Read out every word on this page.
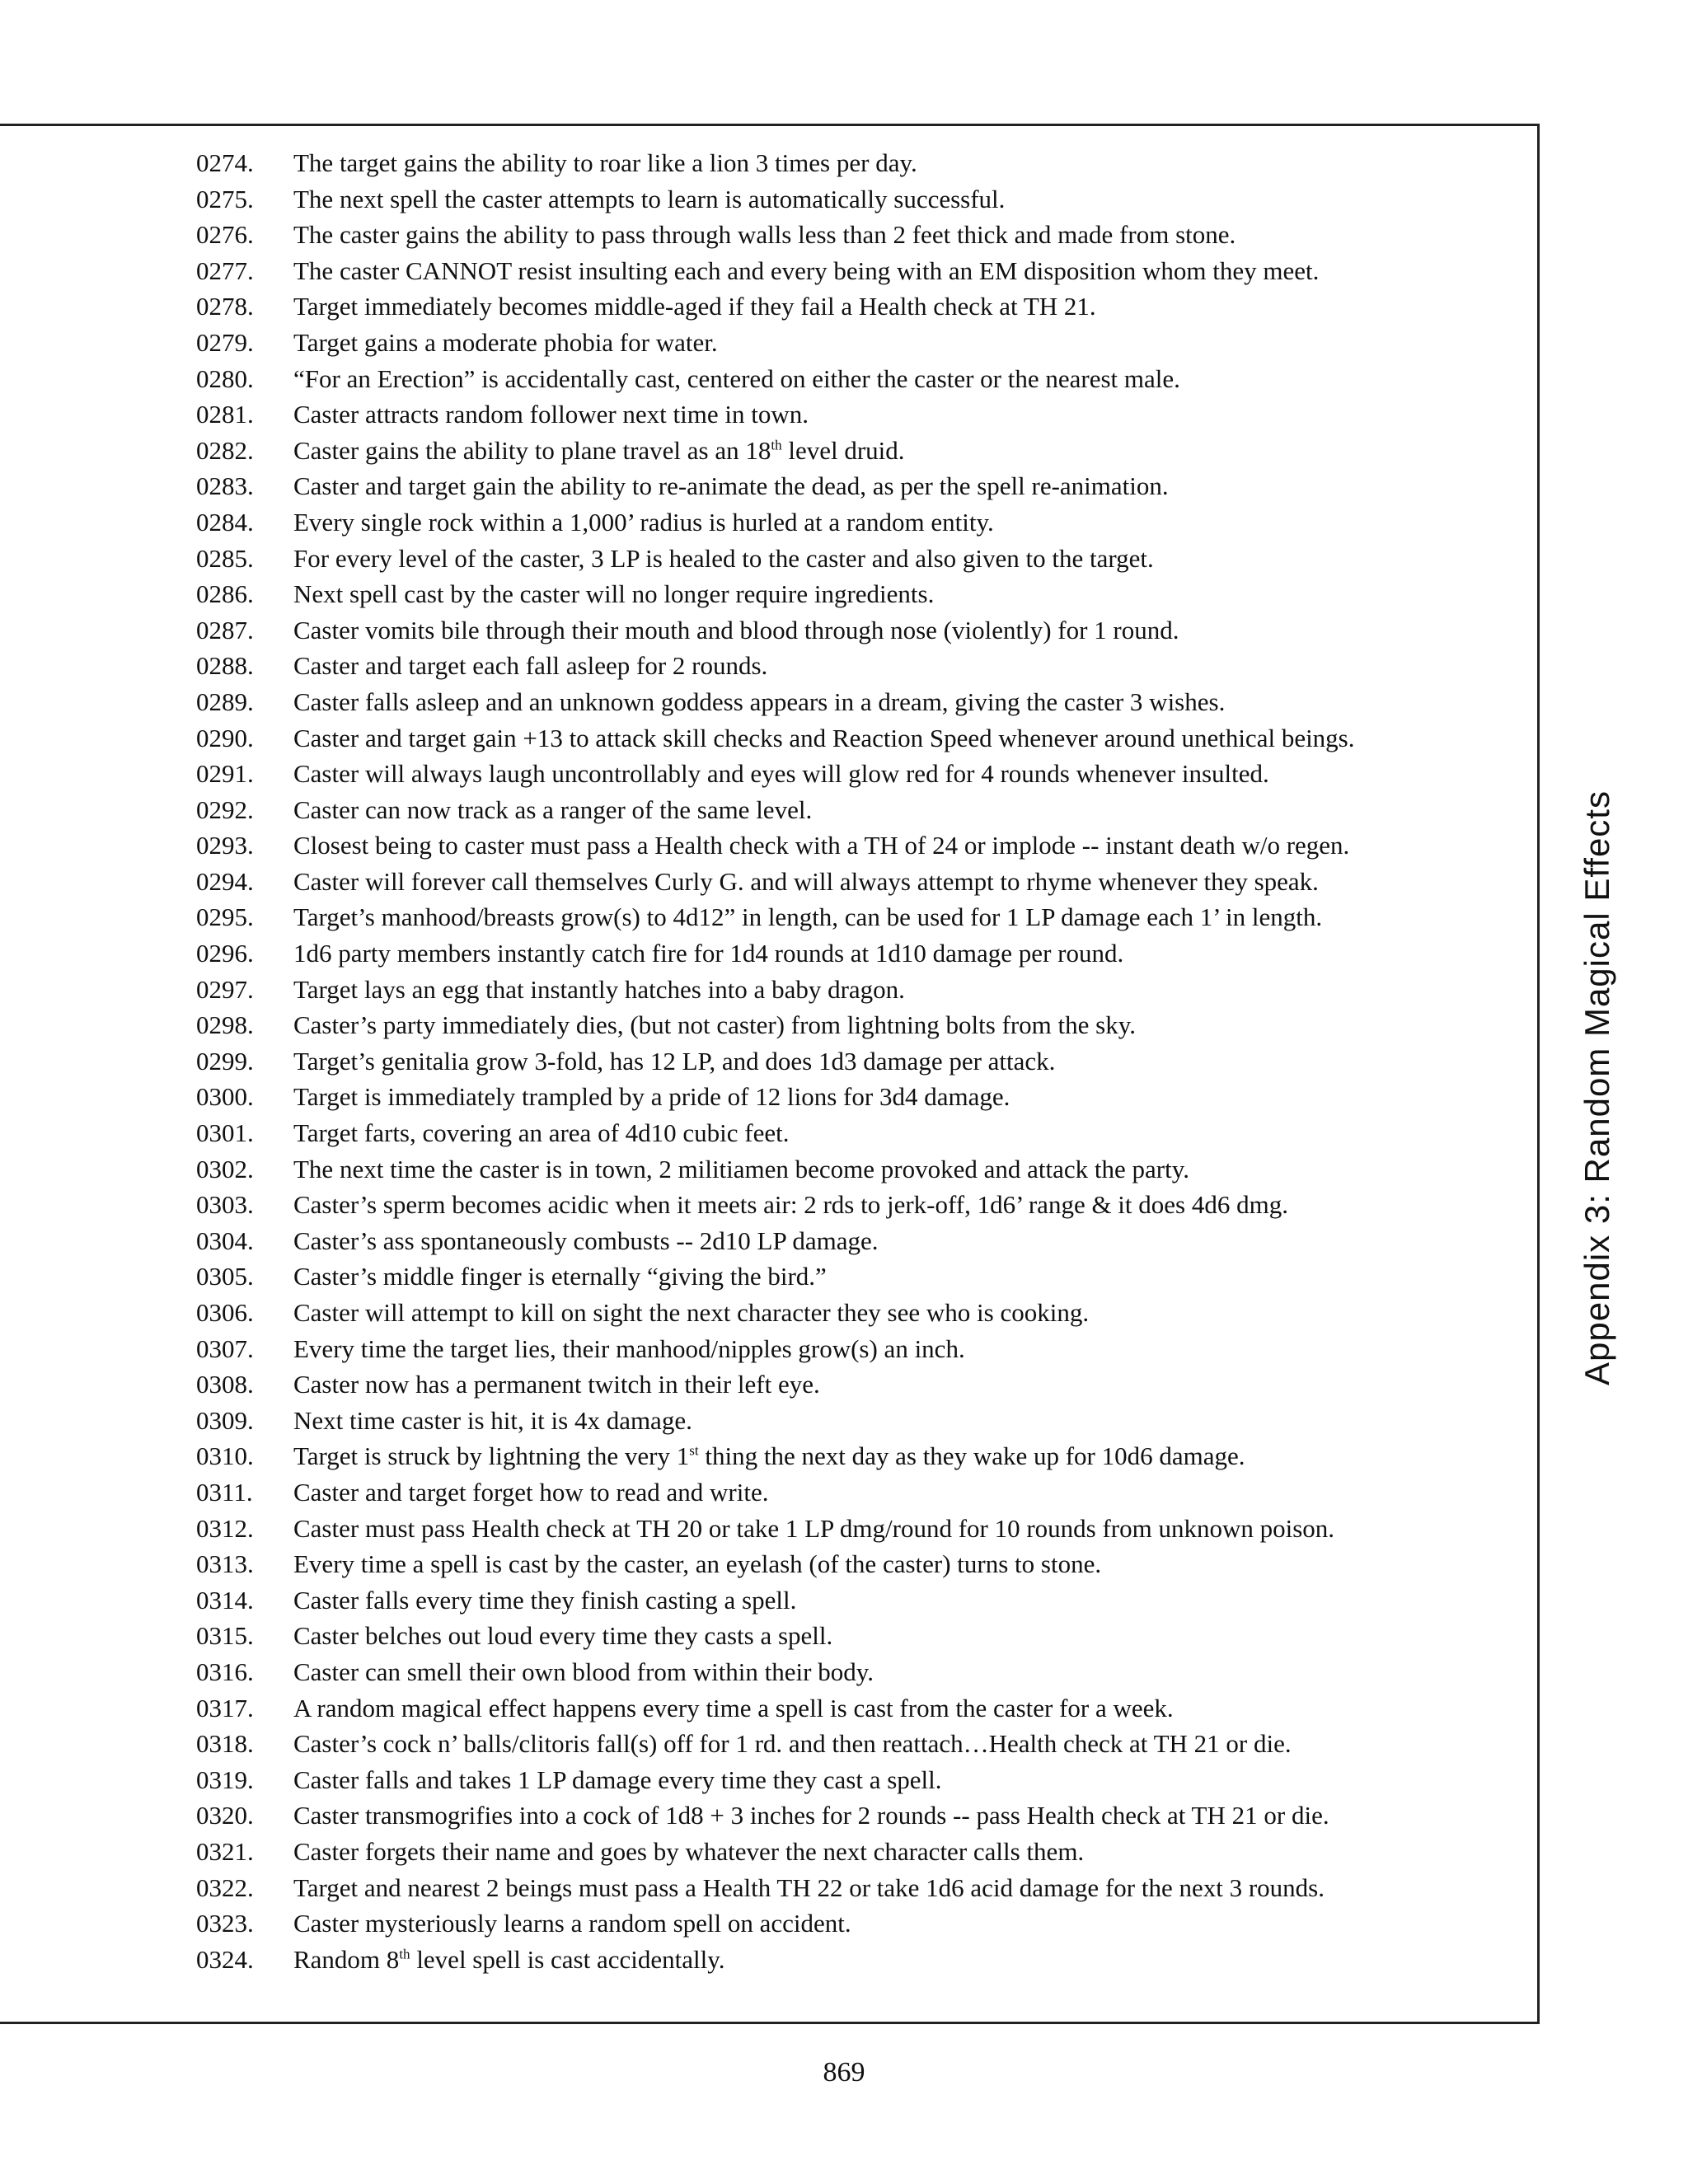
0274.	The target gains the ability to roar like a lion 3 times per day.
0275.	The next spell the caster attempts to learn is automatically successful.
0276.	The caster gains the ability to pass through walls less than 2 feet thick and made from stone.
0277.	The caster CANNOT resist insulting each and every being with an EM disposition whom they meet.
0278.	Target immediately becomes middle-aged if they fail a Health check at TH 21.
0279.	Target gains a moderate phobia for water.
0280.	“For an Erection” is accidentally cast, centered on either the caster or the nearest male.
0281.	Caster attracts random follower next time in town.
0282.	Caster gains the ability to plane travel as an 18th level druid.
0283.	Caster and target gain the ability to re-animate the dead, as per the spell re-animation.
0284.	Every single rock within a 1,000’ radius is hurled at a random entity.
0285.	For every level of the caster, 3 LP is healed to the caster and also given to the target.
0286.	Next spell cast by the caster will no longer require ingredients.
0287.	Caster vomits bile through their mouth and blood through nose (violently) for 1 round.
0288.	Caster and target each fall asleep for 2 rounds.
0289.	Caster falls asleep and an unknown goddess appears in a dream, giving the caster 3 wishes.
0290.	Caster and target gain +13 to attack skill checks and Reaction Speed whenever around unethical beings.
0291.	Caster will always laugh uncontrollably and eyes will glow red for 4 rounds whenever insulted.
0292.	Caster can now track as a ranger of the same level.
0293.	Closest being to caster must pass a Health check with a TH of 24 or implode -- instant death w/o regen.
0294.	Caster will forever call themselves Curly G. and will always attempt to rhyme whenever they speak.
0295.	Target’s manhood/breasts grow(s) to 4d12” in length, can be used for 1 LP damage each 1’ in length.
0296.	1d6 party members instantly catch fire for 1d4 rounds at 1d10 damage per round.
0297.	Target lays an egg that instantly hatches into a baby dragon.
0298.	Caster’s party immediately dies, (but not caster) from lightning bolts from the sky.
0299.	Target’s genitalia grow 3-fold, has 12 LP, and does 1d3 damage per attack.
0300.	Target is immediately trampled by a pride of 12 lions for 3d4 damage.
0301.	Target farts, covering an area of 4d10 cubic feet.
0302.	The next time the caster is in town, 2 militiamen become provoked and attack the party.
0303.	Caster’s sperm becomes acidic when it meets air: 2 rds to jerk-off, 1d6’ range & it does 4d6 dmg.
0304.	Caster’s ass spontaneously combusts -- 2d10 LP damage.
0305.	Caster’s middle finger is eternally “giving the bird.”
0306.	Caster will attempt to kill on sight the next character they see who is cooking.
0307.	Every time the target lies, their manhood/nipples grow(s) an inch.
0308.	Caster now has a permanent twitch in their left eye.
0309.	Next time caster is hit, it is 4x damage.
0310.	Target is struck by lightning the very 1st thing the next day as they wake up for 10d6 damage.
0311.	Caster and target forget how to read and write.
0312.	Caster must pass Health check at TH 20 or take 1 LP dmg/round for 10 rounds from unknown poison.
0313.	Every time a spell is cast by the caster, an eyelash (of the caster) turns to stone.
0314.	Caster falls every time they finish casting a spell.
0315.	Caster belches out loud every time they casts a spell.
0316.	Caster can smell their own blood from within their body.
0317.	A random magical effect happens every time a spell is cast from the caster for a week.
0318.	Caster’s cock n’ balls/clitoris fall(s) off for 1 rd. and then reattach…Health check at TH 21 or die.
0319.	Caster falls and takes 1 LP damage every time they cast a spell.
0320.	Caster transmogrifies into a cock of 1d8 + 3 inches for 2 rounds -- pass Health check at TH 21 or die.
0321.	Caster forgets their name and goes by whatever the next character calls them.
0322.	Target and nearest 2 beings must pass a Health TH 22 or take 1d6 acid damage for the next 3 rounds.
0323.	Caster mysteriously learns a random spell on accident.
0324.	Random 8th level spell is cast accidentally.
Appendix 3: Random Magical Effects
869
